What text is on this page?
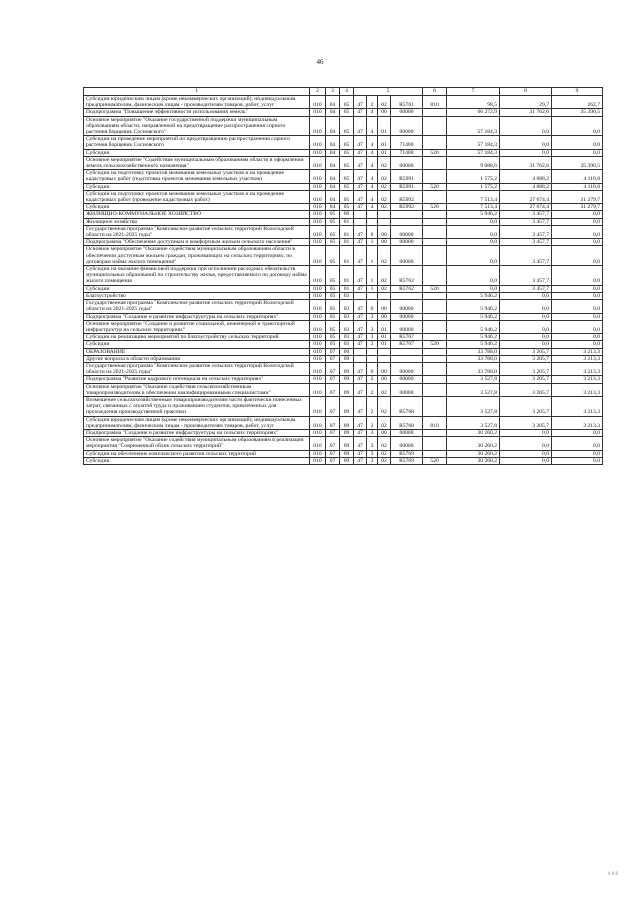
46
1	2	3	4	5				6	7	8	9
Субсидии юридическим лицам (кроме некоммерческих организаций), индивидуальным предпринимателям, физическим лицам - производителям товаров, работ, услуг	010	04	05	47	2	02	R5761	810	98,5	29,7	262,7
Подпрограмма "Повышение эффективности использования земель"	010	04	05	47	4	00	00000		66 272,9	31 762,6	35 390,5
Основное мероприятие "Оказание государственной поддержки муниципальным образованиям области, направленной на предотвращение распространения сорного растения борщевик Сосновского"	010	04	05	47	4	01	00000		57 184,3	0,0	0,0
Субсидии на проведение мероприятий по предотвращению распространения сорного растения борщевик Сосновского	010	04	05	47	4	01	71400		57 184,3	0,0	0,0
Субсидии	010	04	05	47	4	01	71400	520	57 184,3	0,0	0,0
Основное мероприятие "Содействие муниципальным образованиям области в оформлении земель сельскохозяйственного назначения"	010	04	05	47	4	02	00000		9 088,6	31 762,6	35 390,5
Субсидии на подготовку проектов межевания земельных участков и на проведение кадастровых работ (подготовка проектов межевания земельных участков)	010	04	05	47	4	02	R5991		1 575,2	4 088,2	4 110,8
Субсидии	010	04	05	47	4	02	R5991	520	1 575,2	4 088,2	4 110,8
Субсидии на подготовку проектов межевания земельных участков и на проведение кадастровых работ (проведение кадастровых работ)	010	04	05	47	4	02	R5992		7 513,4	27 674,4	31 279,7
Субсидии	010	04	05	47	4	02	R5992	520	7 513,4	27 674,4	31 279,7
ЖИЛИЩНО-КОММУНАЛЬНОЕ ХОЗЯЙСТВО	010	05	00						5 946,2	3 457,7	0,0
Жилищное хозяйство	010	05	01						0,0	3 457,7	0,0
Государственная программа "Комплексное развитие сельских территорий Вологодской области на 2021-2025 годы"	010	05	01	47	0	00	00000		0,0	3 457,7	0,0
Подпрограмма "Обеспечение доступным и комфортным жильем сельского населения"	010	05	01	47	1	00	00000		0,0	3 457,7	0,0
Основное мероприятие "Оказание содействия муниципальным образованиям области в обеспечении доступным жильем граждан, проживающих на сельских территориях, по договорам найма жилого помещения"	010	05	01	47	1	02	00000		0,0	3 457,7	0,0
Субсидии на оказание финансовой поддержки при исполнении расходных обязательств муниципальных образований по строительству жилья, предоставляемого по договору найма жилого помещения	010	05	01	47	1	02	R5762		0,0	3 457,7	0,0
Субсидии	010	05	01	47	1	02	R5762	520	0,0	3 457,7	0,0
Благоустройство	010	05	03						5 946,2	0,0	0,0
Государственная программа "Комплексное развитие сельских территорий Вологодской области на 2021-2025 годы"	010	05	03	47	0	00	00000		5 946,2	0,0	0,0
Подпрограмма "Создание и развитие инфраструктуры на сельских территориях"	010	05	03	47	3	00	00000		5 946,2	0,0	0,0
Основное мероприятие "Создание и развитие социальной, инженерной и транспортной инфраструктур на сельских территориях"	010	05	03	47	3	01	00000		5 946,2	0,0	0,0
Субсидии на реализацию мероприятий по благоустройству сельских территорий	010	05	03	47	3	01	R5767		5 946,2	0,0	0,0
Субсидии	010	05	03	47	3	01	R5767	520	5 946,2	0,0	0,0
ОБРАЗОВАНИЕ	010	07	00						33 788,0	3 205,7	3 213,3
Другие вопросы в области образования	010	07	09						33 788,0	3 205,7	3 213,3
Государственная программа "Комплексное развитие сельских территорий Вологодской области на 2021-2025 годы"	010	07	09	47	0	00	00000		33 788,0	3 205,7	3 213,3
Подпрограмма "Развитие кадрового потенциала на сельских территориях"	010	07	09	47	2	00	00000		3 527,8	3 205,7	3 213,3
Основное мероприятие "Оказание содействия сельскохозяйственным товаропроизводителям в обеспечении квалифицированными специалистами"	010	07	09	47	2	02	00000		3 527,8	3 205,7	3 213,3
Возмещение сельскохозяйственным товаропроизводителям части фактически понесенных затрат, связанных с оплатой труда и проживанием студентов, привлеченных для прохождения производственной практики	010	07	09	47	2	02	R5768		3 527,8	3 205,7	3 213,3
Субсидии юридическим лицам (кроме некоммерческих организаций), индивидуальным предпринимателям, физическим лицам - производителям товаров, работ, услуг	010	07	09	47	2	02	R5768	810	3 527,8	3 205,7	3 213,3
Подпрограмма "Создание и развитие инфраструктуры на сельских территориях"	010	07	09	47	3	00	00000		30 260,2	0,0	0,0
Основное мероприятие "Оказание содействия муниципальным образованиям в реализации мероприятия "Современный облик сельских территорий"	010	07	09	47	3	02	00000		30 260,2	0,0	0,0
Субсидии на обеспечение комплексного развития сельских территорий	010	07	09	47	3	02	R5769		30 260,2	0,0	0,0
Субсидии	010	07	09	47	3	02	R5769	520	30 260,2	0,0	0,0
0 8 8
